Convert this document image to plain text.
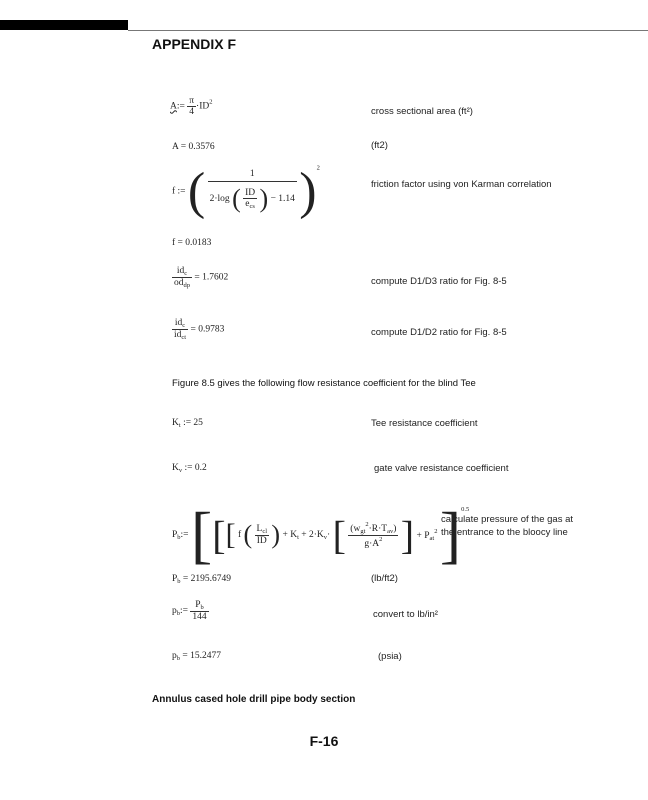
APPENDIX F
A:= $\frac{\pi}{4} \cdot ID^2$
cross sectional area (ft²)
A = 0.3576	(ft2)
f := (	1
2·log ( $\frac{ID}{e_{cs}}$ ) − 1.14 )$^2$
friction factor using von Karman correlation
f = 0.0183
$\frac{id_c}{od_{dp}} = 1.7602$	compute D1/D3 ratio for Fig. 8-5
$\frac{id_c}{id_{ct}} = 0.9783$	compute D1/D2 ratio for Fig. 8-5
Figure 8.5 gives the following flow resistance coefficient for the blind Tee
$K_t$ := 25	Tee resistance coefficient
$K_v$ := 0.2	gate valve resistance coefficient
$P_b:=$ [[[ f ( $\frac{L_{cl}}{ID}$ ) + $K_t + 2\cdot K_v\cdot$ [ $\frac{(w_{gt}^2\cdot R\cdot T_{av})}{g\cdot A^2}$ ] + $P_{at}^2$ ]$^{0.5}$
calculate pressure of the gas at
the entrance to the bloocy line
$P_b = 2195.6749$	(lb/ft2)
$p_b:= \frac{P_b}{144}$	convert to lb/in²
$p_b = 15.2477$	(psia)
Annulus cased hole drill pipe body section
F-16
